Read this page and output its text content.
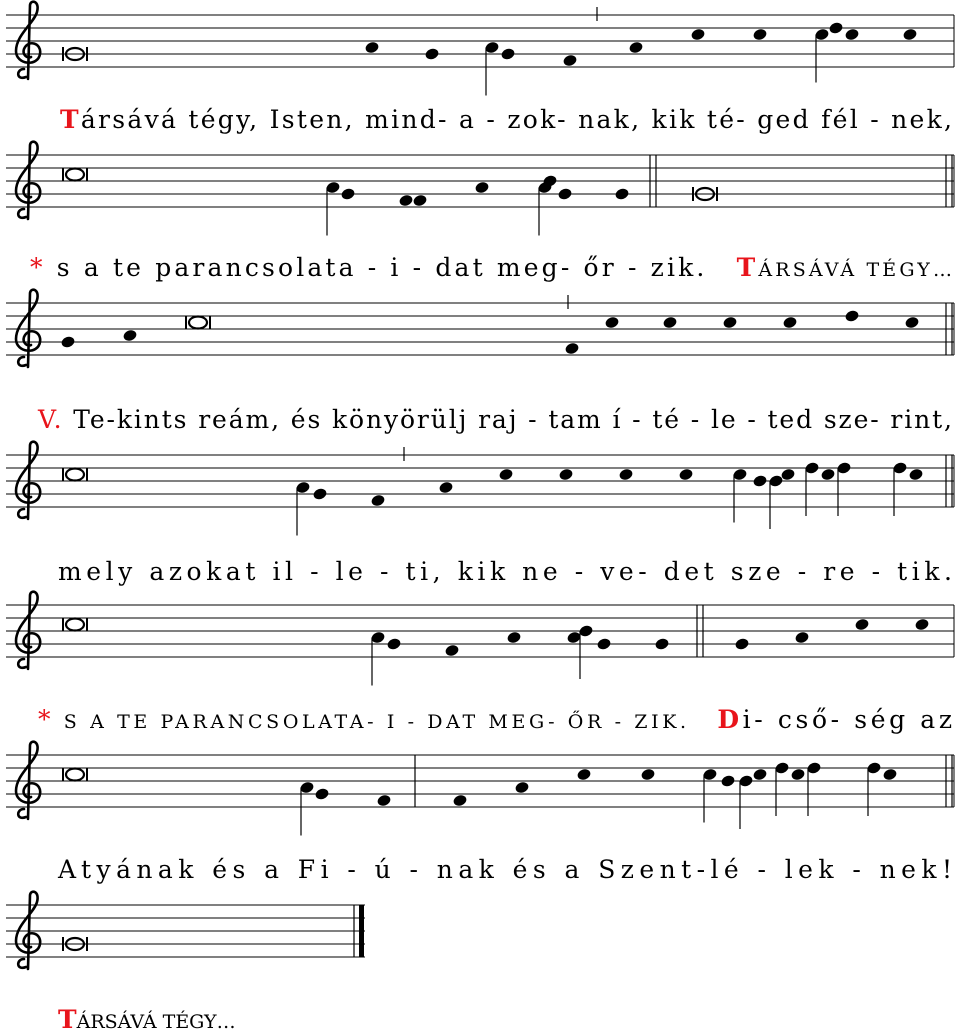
Társává tégy, Isten, mind- a - zok- nak, kik té- ged fél - nek,
* s a te parancsolata - i - dat meg- őr - zik. T ÁRSÁVÁ TÉGY…
V. Te-kints reám, és könyörülj raj - tam í - té - le - ted sze- rint,
mely azokat il - le - ti, kik ne - ve- det sze - re - tik.
* S A TE PARANCSOLATA- I - DAT MEG- ŐR - ZIK. D i- cső- ség az
Atyának és a Fi - ú - nak és a Szent-lé - lek - nek!
TÁRSÁVÁ TÉGY…
